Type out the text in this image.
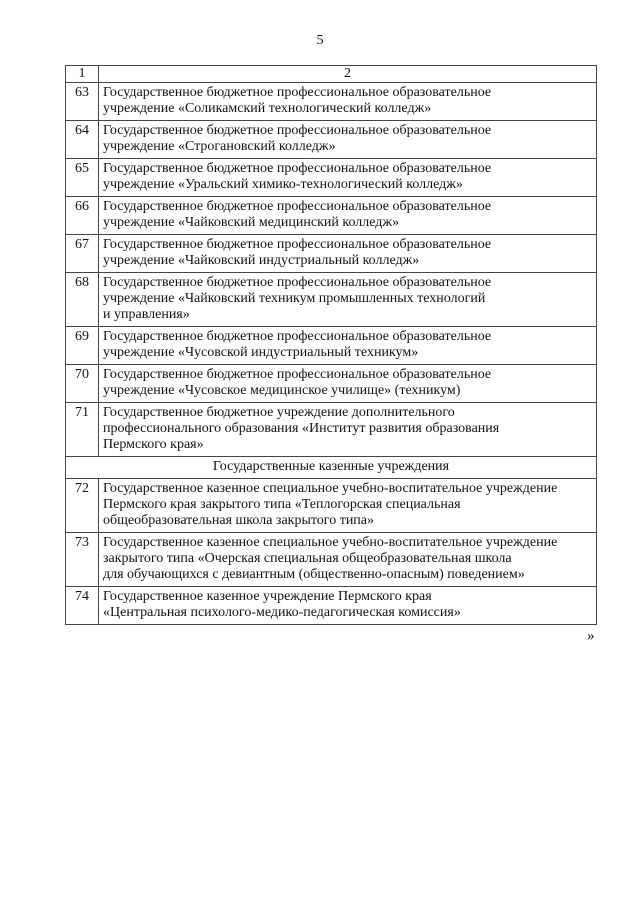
5
1	2
63	Государственное бюджетное профессиональное образовательное
учреждение «Соликамский технологический колледж»

64	Государственное бюджетное профессиональное образовательное
учреждение «Строгановский колледж»

65	Государственное бюджетное профессиональное образовательное
учреждение «Уральский химико-технологический колледж»

66	Государственное бюджетное профессиональное образовательное
учреждение «Чайковский медицинский колледж»

67	Государственное бюджетное профессиональное образовательное
учреждение «Чайковский индустриальный колледж»

68	Государственное бюджетное профессиональное образовательное
учреждение «Чайковский техникум промышленных технологий
и управления»

69	Государственное бюджетное профессиональное образовательное
учреждение «Чусовской индустриальный техникум»

70	Государственное бюджетное профессиональное образовательное
учреждение «Чусовское медицинское училище» (техникум)

71	Государственное бюджетное учреждение дополнительного
профессионального образования «Институт развития образования
Пермского края»

Государственные казенные учреждения	
72	Государственное казенное специальное учебно-воспитательное учреждение
Пермского края закрытого типа «Теплогорская специальная
общеобразовательная школа закрытого типа»

73	Государственное казенное специальное учебно-воспитательное учреждение
закрытого типа «Очерская специальная общеобразовательная школа
для обучающихся с девиантным (общественно-опасным) поведением»

74	Государственное казенное учреждение Пермского края
«Центральная психолого-медико-педагогическая комиссия»
»
